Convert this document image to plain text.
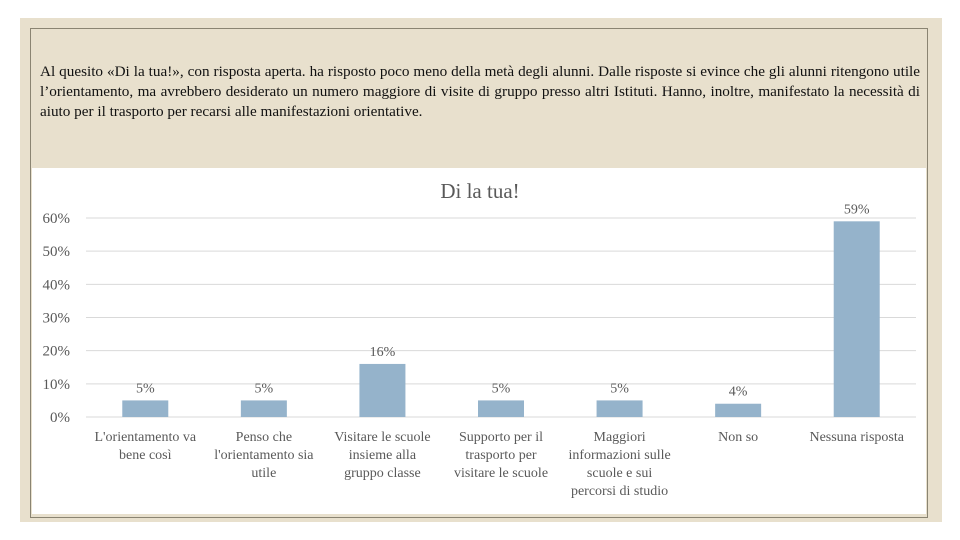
Al quesito «Di la tua!», con risposta aperta. ha risposto poco meno della metà degli alunni. Dalle risposte si evince che gli alunni ritengono utile l’orientamento, ma avrebbero desiderato un numero maggiore di visite di gruppo presso altri Istituti. Hanno, inoltre, manifestato la necessità di aiuto per il trasporto per recarsi alle manifestazioni orientative.
Di la tua!
0%
10%
20%
30%
40%
50%
60%
5%	5%
16%
5%	5%	4%
59%
L'orientamento va bene così
Penso che l'orientamento sia utile
Visitare le scuole insieme alla gruppo classe
Supporto per il trasporto per visitare le scuole
Maggiori informazioni sulle scuole e sui percorsi di studio
Non so	Nessuna risposta
